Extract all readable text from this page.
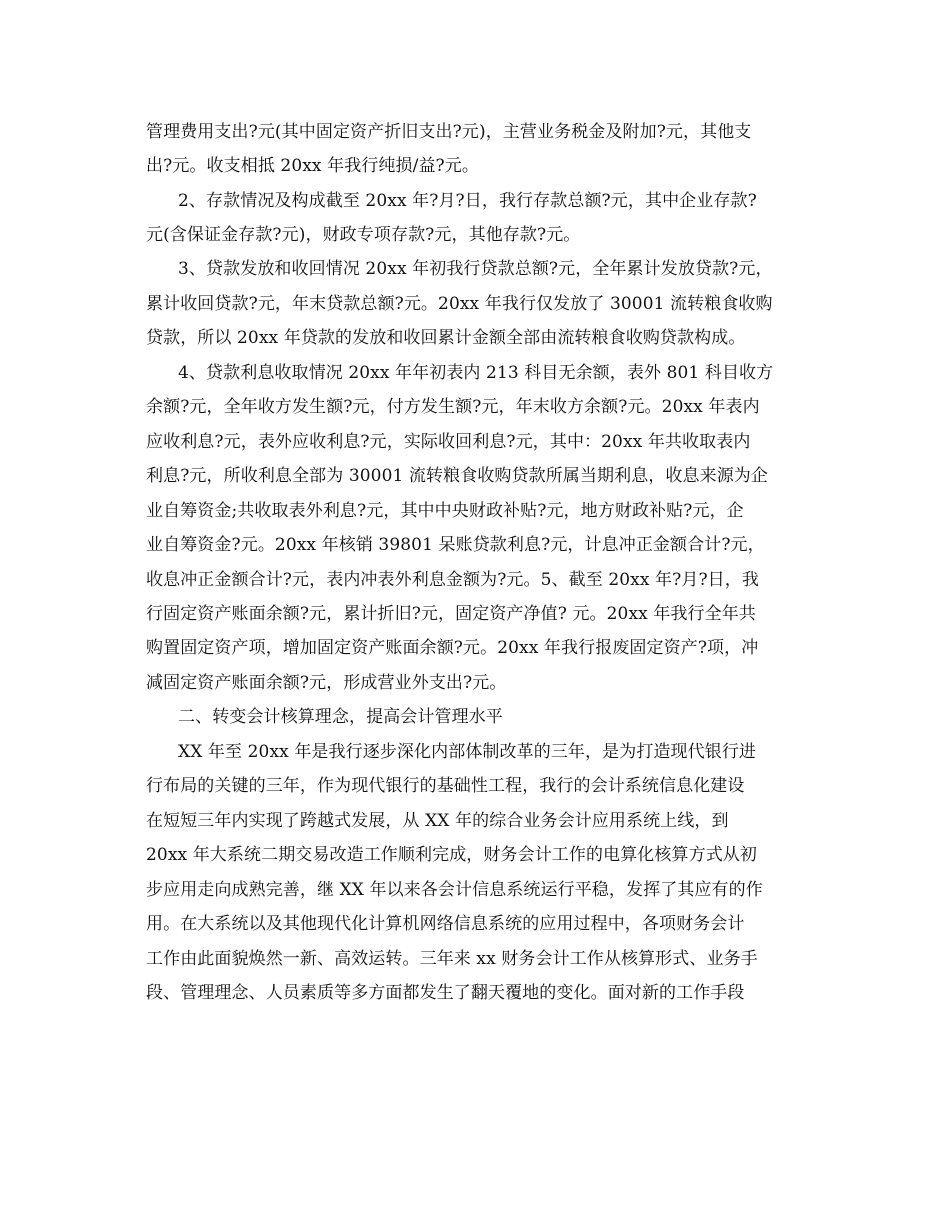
管理费用支出?元(其中固定资产折旧支出?元)，主营业务税金及附加?元，其他支
出?元。收支相抵 20xx 年我行纯损/益?元。
2、存款情况及构成截至 20xx 年?月?日，我行存款总额?元，其中企业存款?
元(含保证金存款?元)，财政专项存款?元，其他存款?元。
3、贷款发放和收回情况 20xx 年初我行贷款总额?元，全年累计发放贷款?元，
累计收回贷款?元，年末贷款总额?元。20xx 年我行仅发放了 30001 流转粮食收购
贷款，所以 20xx 年贷款的发放和收回累计金额全部由流转粮食收购贷款构成。
4、贷款利息收取情况 20xx 年年初表内 213 科目无余额，表外 801 科目收方
余额?元，全年收方发生额?元，付方发生额?元，年末收方余额?元。20xx 年表内
应收利息?元，表外应收利息?元，实际收回利息?元，其中：20xx 年共收取表内
利息?元，所收利息全部为 30001 流转粮食收购贷款所属当期利息，收息来源为企
业自筹资金;共收取表外利息?元，其中中央财政补贴?元，地方财政补贴?元，企
业自筹资金?元。20xx 年核销 39801 呆账贷款利息?元，计息冲正金额合计?元，
收息冲正金额合计?元，表内冲表外利息金额为?元。5、截至 20xx 年?月?日，我
行固定资产账面余额?元，累计折旧?元，固定资产净值? 元。20xx 年我行全年共
购置固定资产项，增加固定资产账面余额?元。20xx 年我行报废固定资产?项，冲
减固定资产账面余额?元，形成营业外支出?元。
二、转变会计核算理念，提高会计管理水平
XX 年至 20xx 年是我行逐步深化内部体制改革的三年，是为打造现代银行进
行布局的关键的三年，作为现代银行的基础性工程，我行的会计系统信息化建设
在短短三年内实现了跨越式发展，从 XX 年的综合业务会计应用系统上线，到
20xx 年大系统二期交易改造工作顺利完成，财务会计工作的电算化核算方式从初
步应用走向成熟完善，继 XX 年以来各会计信息系统运行平稳，发挥了其应有的作
用。在大系统以及其他现代化计算机网络信息系统的应用过程中，各项财务会计
工作由此面貌焕然一新、高效运转。三年来 xx 财务会计工作从核算形式、业务手
段、管理理念、人员素质等多方面都发生了翻天覆地的变化。面对新的工作手段
